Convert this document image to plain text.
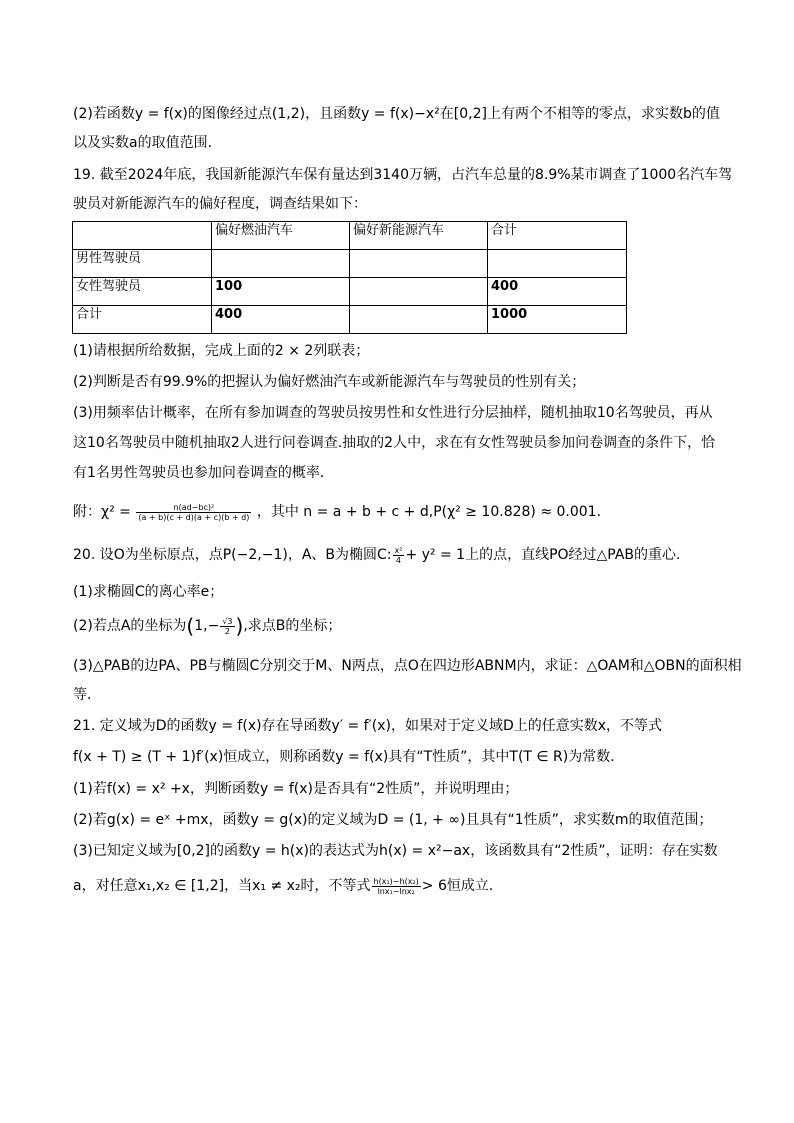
(2)若函数y = f(x)的图像经过点(1,2)，且函数y = f(x)−x²在[0,2]上有两个不相等的零点，求实数b的值
以及实数a的取值范围．
19. 截至2024年底，我国新能源汽车保有量达到3140万辆，占汽车总量的8.9%某市调查了1000名汽车驾
驶员对新能源汽车的偏好程度，调查结果如下：
	偏好燃油汽车	偏好新能源汽车	合计
男性驾驶员			
女性驾驶员	100		400
合计	400		1000
(1)请根据所给数据，完成上面的2 × 2列联表；
(2)判断是否有99.9%的把握认为偏好燃油汽车或新能源汽车与驾驶员的性别有关；
(3)用频率估计概率，在所有参加调查的驾驶员按男性和女性进行分层抽样，随机抽取10名驾驶员，再从
这10名驾驶员中随机抽取2人进行问卷调查.抽取的2人中，求在有女性驾驶员参加问卷调查的条件下，恰
有1名男性驾驶员也参加问卷调查的概率．
附：$\chi^2 = \frac{\text{n(ad−bc)²}}{(a + b)(c + d)(a + c)(b + d)}$ ，其中 n = a + b + c + d,P(χ² ≥ 10.828) ≈ 0.001.
20. 设O为坐标原点，点P(−2,−1)，A、B为椭圆C: $\frac{\text{x²}}{4} + y^2 = 1$上的点，直线PO经过△PAB的重心．
(1)求椭圆C的离心率e；
(2)若点A的坐标为($1,- \frac{√3}{2}$ ),求点B的坐标；
(3)△PAB的边PA、PB与椭圆C分别交于M、N两点，点O在四边形ABNM内，求证：△OAM和△OBN的面积相
等．
21. 定义域为D的函数y = f(x)存在导函数y′ = f′(x)，如果对于定义域D上的任意实数x，不等式
f(x + T) ≥ (T + 1)f′(x)恒成立，则称函数y = f(x)具有“T性质”，其中T(T ∈ R)为常数．
(1)若f(x) = x² +x，判断函数y = f(x)是否具有“2性质”，并说明理由；
(2)若g(x) = eˣ +mx，函数y = g(x)的定义域为D = (1, + ∞)且具有“1性质”，求实数m的取值范围；
(3)已知定义域为[0,2]的函数y = h(x)的表达式为h(x) = x²−ax，该函数具有“2性质”，证明：存在实数
a，对任意x₁,x₂ ∈ [1,2]，当x₁ ≠ x₂时，不等式 $\frac{\text{h(x₁)−h(x₂)}}{\text{lnx₁−lnx₂}} > 6$恒成立．
